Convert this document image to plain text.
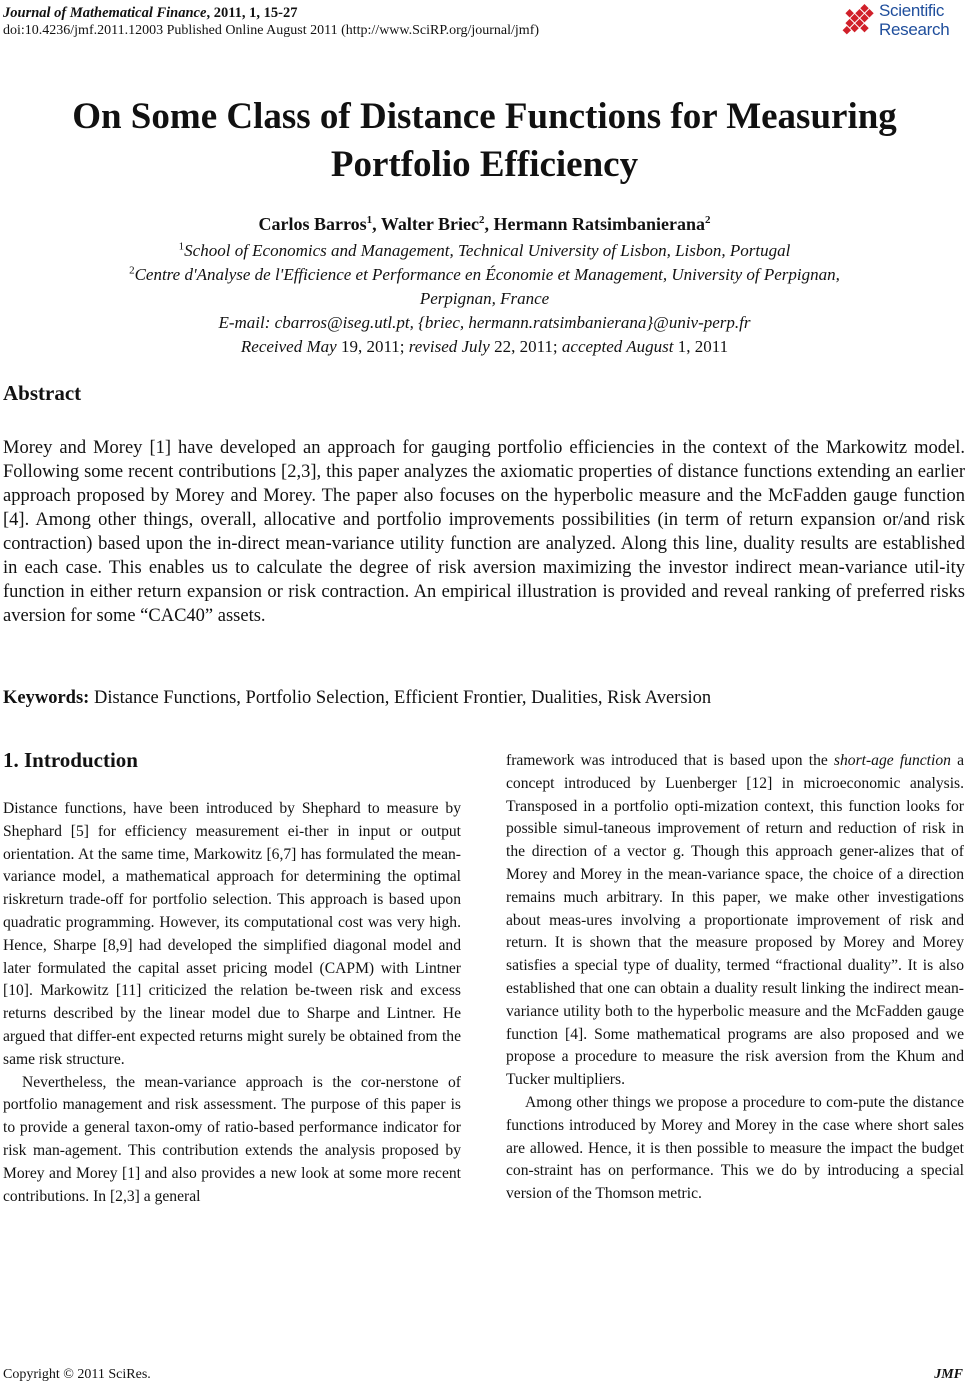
Journal of Mathematical Finance, 2011, 1, 15-27
doi:10.4236/jmf.2011.12003 Published Online August 2011 (http://www.SciRP.org/journal/jmf)
Scientific
Research
On Some Class of Distance Functions for Measuring
Portfolio Efficiency
Carlos Barros$^1$, Walter Briec$^2$, Hermann Ratsimbanierana$^2$
$^1$School of Economics and Management, Technical University of Lisbon, Lisbon, Portugal
$^2$Centre d'Analyse de l'Efficience et Performance en Économie et Management, University of Perpignan,
Perpignan, France
E-mail: cbarros@iseg.utl.pt, {briec, hermann.ratsimbanierana}@univ-perp.fr
Received May 19, 2011; revised July 22, 2011; accepted August 1, 2011
Abstract
Morey and Morey [1] have developed an approach for gauging portfolio efficiencies in the context of the Markowitz model. Following some recent contributions [2,3], this paper analyzes the axiomatic properties of distance functions extending an earlier approach proposed by Morey and Morey. The paper also focuses on the hyperbolic measure and the McFadden gauge function [4]. Among other things, overall, allocative and portfolio improvements possibilities (in term of return expansion or/and risk contraction) based upon the in-direct mean-variance utility function are analyzed. Along this line, duality results are established in each case. This enables us to calculate the degree of risk aversion maximizing the investor indirect mean-variance util-ity function in either return expansion or risk contraction. An empirical illustration is provided and reveal ranking of preferred risks aversion for some “CAC40” assets.
Keywords: Distance Functions, Portfolio Selection, Efficient Frontier, Dualities, Risk Aversion
1. Introduction

Distance functions, have been introduced by Shephard to measure by Shephard [5] for efficiency measurement ei-ther in input or output orientation. At the same time, Markowitz [6,7] has formulated the mean-variance model, a mathematical approach for determining the optimal riskreturn trade-off for portfolio selection. This approach is based upon quadratic programming. However, its computational cost was very high. Hence, Sharpe [8,9] had developed the simplified diagonal model and later formulated the capital asset pricing model (CAPM) with Lintner [10]. Markowitz [11] criticized the relation be-tween risk and excess returns described by the linear model due to Sharpe and Lintner. He argued that differ-ent expected returns might surely be obtained from the same risk structure.

Nevertheless, the mean-variance approach is the cor-nerstone of portfolio management and risk assessment. The purpose of this paper is to provide a general taxon-omy of ratio-based performance indicator for risk man-agement. This contribution extends the analysis proposed by Morey and Morey [1] and also provides a new look at some more recent contributions. In [2,3] a general

framework was introduced that is based upon the short-age function a concept introduced by Luenberger [12] in microeconomic analysis. Transposed in a portfolio opti-mization context, this function looks for possible simul-taneous improvement of return and reduction of risk in the direction of a vector g. Though this approach gener-alizes that of Morey and Morey in the mean-variance space, the choice of a direction remains much arbitrary. In this paper, we make other investigations about meas-ures involving a proportionate improvement of risk and return. It is shown that the measure proposed by Morey and Morey satisfies a special type of duality, termed “fractional duality”. It is also established that one can obtain a duality result linking the indirect mean-variance utility both to the hyperbolic measure and the McFadden gauge function [4]. Some mathematical programs are also proposed and we propose a procedure to measure the risk aversion from the Khum and Tucker multipliers.

Among other things we propose a procedure to com-pute the distance functions introduced by Morey and Morey in the case where short sales are allowed. Hence, it is then possible to measure the impact the budget con-straint has on performance. This we do by introducing a special version of the Thomson metric.

Copyright © 2011 SciRes.	JMF
